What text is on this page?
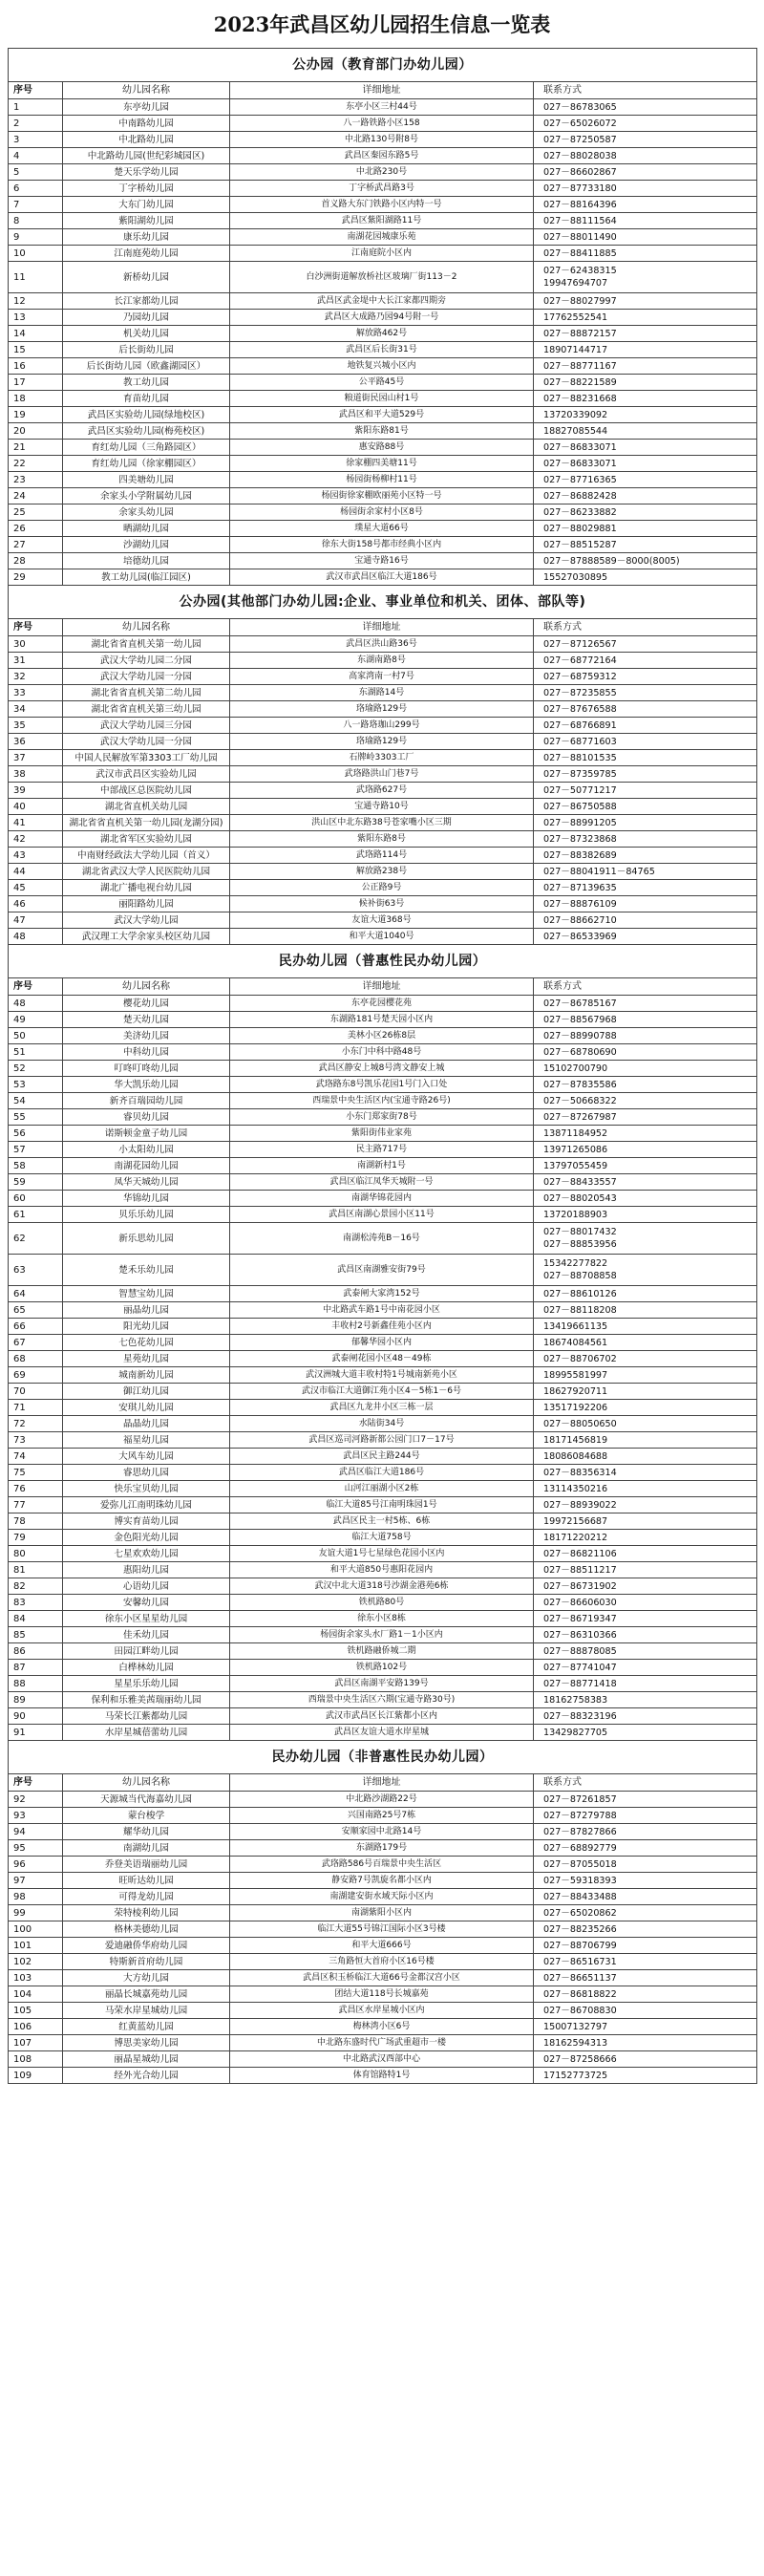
2023年武昌区幼儿园招生信息一览表
公办园（教育部门办幼儿园）			
序号	幼儿园名称	详细地址	联系方式
1	东亭幼儿园	东亭小区三村44号	027－86783065
2	中南路幼儿园	八一路铁路小区158	027－65026072
3	中北路幼儿园	中北路130号附8号	027－87250587
4	中北路幼儿园(世纪彩城园区)	武昌区秦园东路5号	027－88028038
5	楚天乐学幼儿园	中北路230号	027－86602867
6	丁字桥幼儿园	丁字桥武昌路3号	027－87733180
7	大东门幼儿园	首义路大东门铁路小区内特一号	027－88164396
8	紫阳湖幼儿园	武昌区紫阳湖路11号	027－88111564
9	康乐幼儿园	南湖花园城康乐苑	027－88011490
10	江南庭苑幼儿园	江南庭院小区内	027－88411885
11	新桥幼儿园	白沙洲街道解放桥社区玻璃厂街113－2	027－62438315
19947694707
12	长江家都幼儿园	武昌区武金堤中大长江家都四期旁	027－88027997
13	乃园幼儿园	武昌区大成路乃园94号附一号	17762552541
14	机关幼儿园	解放路462号	027－88872157
15	后长街幼儿园	武昌区后长街31号	18907144717
16	后长街幼儿园（欧鑫湖园区）	地铁复兴城小区内	027－88771167
17	教工幼儿园	公平路45号	027－88221589
18	育苗幼儿园	粮道街民园山村1号	027－88231668
19	武昌区实验幼儿园(绿地校区)	武昌区和平大道529号	13720339092
20	武昌区实验幼儿园(梅苑校区)	紫阳东路81号	18827085544
21	育红幼儿园（三角路园区）	惠安路88号	027－86833071
22	育红幼儿园（徐家棚园区）	徐家棚四美塘11号	027－86833071
23	四美塘幼儿园	杨园街杨柳村11号	027－87716365
24	余家头小学附属幼儿园	杨园街徐家棚欧丽苑小区特一号	027－86882428
25	余家头幼儿园	杨园街余家村小区8号	027－86233882
26	晒湖幼儿园	璞星大道66号	027－88029881
27	沙湖幼儿园	徐东大街158号都市经典小区内	027－88515287
28	培德幼儿园	宝通寺路16号	027－87888589－8000(8005)
29	教工幼儿园(临江园区)	武汉市武昌区临江大道186号	15527030895
公办园(其他部门办幼儿园:企业、事业单位和机关、团体、部队等)			
序号	幼儿园名称	详细地址	联系方式
30	湖北省省直机关第一幼儿园	武昌区洪山路36号	027－87126567
31	武汉大学幼儿园二分园	东湖南路8号	027－68772164
32	武汉大学幼儿园一分园	高家湾南一村7号	027－68759312
33	湖北省省直机关第二幼儿园	东湖路14号	027－87235855
34	湖北省省直机关第三幼儿园	珞瑜路129号	027－87676588
35	武汉大学幼儿园三分园	八一路珞珈山299号	027－68766891
36	武汉大学幼儿园一分园	珞瑜路129号	027－68771603
37	中国人民解放军第3303工厂幼儿园	石牌岭3303工厂	027－88101535
38	武汉市武昌区实验幼儿园	武珞路洪山门巷7号	027－87359785
39	中部战区总医院幼儿园	武珞路627号	027－50771217
40	湖北省直机关幼儿园	宝通寺路10号	027－86750588
41	湖北省省直机关第一幼儿园(龙湖分园)	洪山区中北东路38号苍家嘴小区三期	027－88991205
42	湖北省军区实验幼儿园	紫阳东路8号	027－87323868
43	中南财经政法大学幼儿园（首义）	武珞路114号	027－88382689
44	湖北省武汉大学人民医院幼儿园	解放路238号	027－88041911－84765
45	湖北广播电视台幼儿园	公正路9号	027－87139635
46	丽阳路幼儿园	候补街63号	027－88876109
47	武汉大学幼儿园	友谊大道368号	027－88662710
48	武汉理工大学余家头校区幼儿园	和平大道1040号	027－86533969
民办幼儿园（普惠性民办幼儿园）			
序号	幼儿园名称	详细地址	联系方式
48	樱花幼儿园	东亭花园樱花苑	027－86785167
49	楚天幼儿园	东湖路181号楚天园小区内	027－88567968
50	美济幼儿园	美林小区26栋8层	027－88990788
51	中科幼儿园	小东门中科中路48号	027－68780690
52	叮咚叮咚幼儿园	武昌区静安上城8号湾文静安上城	15102700790
53	华大凯乐幼儿园	武珞路东8号凯乐花园1号门入口处	027－87835586
54	新齐百瑞园幼儿园	西瑞景中央生活区内(宝通寺路26号)	027－50668322
55	睿贝幼儿园	小东门郑家街78号	027－87267987
56	诺斯顿金童子幼儿园	紫阳街伟业家苑	13871184952
57	小太阳幼儿园	民主路717号	13971265086
58	南湖花园幼儿园	南湖新村1号	13797055459
59	凤华天城幼儿园	武昌区临江凤华天城附一号	027－88433557
60	华锦幼儿园	南湖华锦花园内	027－88020543
61	贝乐乐幼儿园	武昌区南湖心景园小区11号	13720188903
62	新乐思幼儿园	南湖松涛苑B－16号	027－88017432
027－88853956
63	楚禾乐幼儿园	武昌区南湖雅安街79号	15342277822
027－88708858
64	智慧宝幼儿园	武泰闸大家湾152号	027－88610126
65	丽晶幼儿园	中北路武车路1号中南花园小区	027－88118208
66	阳光幼儿园	丰收村2号新鑫佳苑小区内	13419661135
67	七色花幼儿园	郁馨华园小区内	18674084561
68	星苑幼儿园	武泰闸花园小区48－49栋	027－88706702
69	城南新幼儿园	武汉洲城大道丰收村特1号城南新苑小区	18995581997
70	御江幼儿园	武汉市临江大道御江苑小区4－5栋1－6号	18627920711
71	安琪儿幼儿园	武昌区九龙井小区三栋一层	13517192206
72	晶晶幼儿园	水陆街34号	027－88050650
73	福星幼儿园	武昌区巡司河路新都公园门口7－17号	18171456819
74	大风车幼儿园	武昌区民主路244号	18086084688
75	睿思幼儿园	武昌区临江大道186号	027－88356314
76	快乐宝贝幼儿园	山河江丽湖小区2栋	13114350216
77	爱弥儿江南明珠幼儿园	临江大道85号江南明珠园1号	027－88939022
78	博实育苗幼儿园	武昌区民主一村5栋、6栋	19972156687
79	金色阳光幼儿园	临江大道758号	18171220212
80	七星欢欢幼儿园	友谊大道1号七星绿色花园小区内	027－86821106
81	惠阳幼儿园	和平大道850号惠阳花园内	027－88511217
82	心语幼儿园	武汉中北大道318号沙湖金港苑6栋	027－86731902
83	安馨幼儿园	铁机路80号	027－86606030
84	徐东小区星星幼儿园	徐东小区8栋	027－86719347
85	佳禾幼儿园	杨园街余家头水厂路1－1小区内	027－86310366
86	田园江畔幼儿园	铁机路融侨城二期	027－88878085
87	白桦林幼儿园	铁机路102号	027－87741047
88	星星乐乐幼儿园	武昌区南湖平安路139号	027－88771418
89	保利和乐雅美茜瑞丽幼儿园	西瑞景中央生活区六期(宝通寺路30号)	18162758383
90	马荣长江紫都幼儿园	武汉市武昌区长江紫都小区内	027－88323196
91	水岸星城蓓蕾幼儿园	武昌区友谊大道水岸星城	13429827705
民办幼儿园（非普惠性民办幼儿园）			
序号	幼儿园名称	详细地址	联系方式
92	天源城当代海嘉幼儿园	中北路沙湖路22号	027－87261857
93	蒙台梭学	兴国南路25号7栋	027－87279788
94	耀华幼儿园	安顺家园中北路14号	027－87827866
95	南湖幼儿园	东湖路179号	027－68892779
96	乔登美语瑞丽幼儿园	武珞路586号百瑞景中央生活区	027－87055018
97	旺昕达幼儿园	静安路7号凯旋名都小区内	027－59318393
98	可得龙幼儿园	南湖建安街水域天际小区内	027－88433488
99	荣特棱利幼儿园	南湖紫阳小区内	027－65020862
100	格林美德幼儿园	临江大道55号锦江国际小区3号楼	027－88235266
101	爱迪融侨华府幼儿园	和平大道666号	027－88706799
102	特斯新首府幼儿园	三角路恒大首府小区16号楼	027－86516731
103	大方幼儿园	武昌区积玉桥临江大道66号金都汉宫小区	027－86651137
104	丽晶长城嘉苑幼儿园	团结大道118号长城嘉苑	027－86818822
105	马荣水岸星城幼儿园	武昌区水岸星城小区内	027－86708830
106	红黄蓝幼儿园	梅林湾小区6号	15007132797
107	博思美家幼儿园	中北路东盛时代广场武重超市一楼	18162594313
108	丽晶星城幼儿园	中北路武汉西部中心	027－87258666
109	经外光合幼儿园	体育馆路特1号	17152773725
